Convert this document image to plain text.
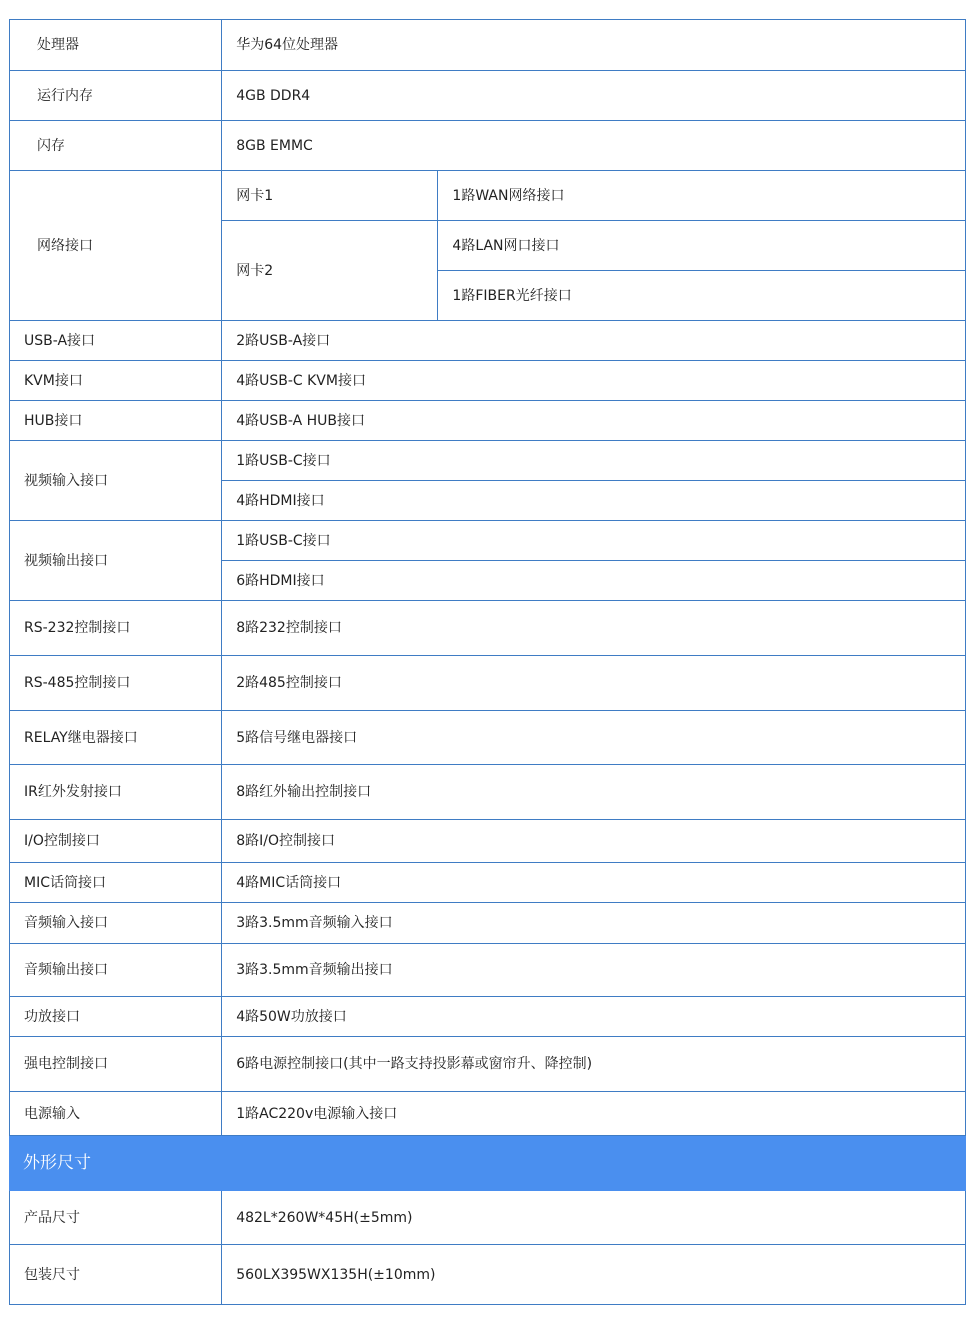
处理器	华为64位处理器	
运行内存	4GB DDR4	
闪存	8GB EMMC	
网络接口	网卡1	1路WAN网络接口
	网卡2	4路LAN网口接口
		1路FIBER光纤接口
USB-A接口	2路USB-A接口	
KVM接口	4路USB-C KVM接口	
HUB接口	4路USB-A HUB接口	
视频输入接口	1路USB-C接口	
	4路HDMI接口	
视频输出接口	1路USB-C接口	
	6路HDMI接口	
RS-232控制接口	8路232控制接口	
RS-485控制接口	2路485控制接口	
RELAY继电器接口	5路信号继电器接口	
IR红外发射接口	8路红外输出控制接口	
I/O控制接口	8路I/O控制接口	
MIC话筒接口	4路MIC话筒接口	
音频输入接口	3路3.5mm音频输入接口	
音频输出接口	3路3.5mm音频输出接口	
功放接口	4路50W功放接口	
强电控制接口	6路电源控制接口(其中一路支持投影幕或窗帘升、降控制)	
电源输入	1路AC220v电源输入接口	
外形尺寸		
产品尺寸	482L*260W*45H(±5mm)	
包装尺寸	560LX395WX135H(±10mm)	
